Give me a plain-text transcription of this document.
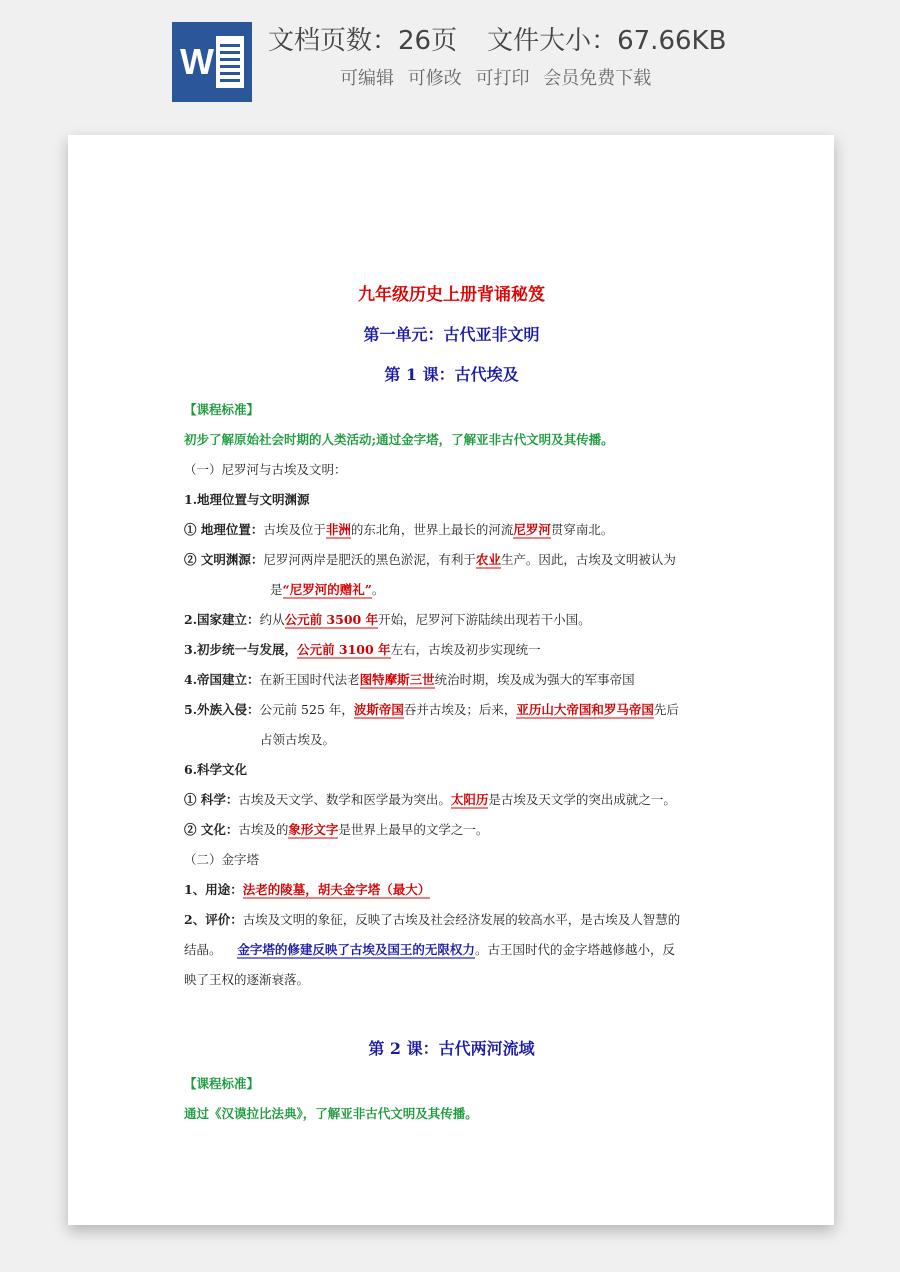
W 文档页数：26页 文件大小：67.66KB
可编辑 可修改 可打印 会员免费下载
九年级历史上册背诵秘笈
第一单元：古代亚非文明
第 1 课：古代埃及
【课程标准】
初步了解原始社会时期的人类活动;通过金字塔，了解亚非古代文明及其传播。
（一）尼罗河与古埃及文明：
1.地理位置与文明渊源
① 地理位置：古埃及位于非洲的东北角，世界上最长的河流尼罗河贯穿南北。
② 文明渊源：尼罗河两岸是肥沃的黑色淤泥，有利于农业生产。因此，古埃及文明被认为
是“尼罗河的赠礼”。
2.国家建立：约从公元前 3500 年开始，尼罗河下游陆续出现若干小国。
3.初步统一与发展，公元前 3100 年左右，古埃及初步实现统一
4.帝国建立：在新王国时代法老图特摩斯三世统治时期，埃及成为强大的军事帝国
5.外族入侵：公元前 525 年，波斯帝国吞并古埃及；后来，亚历山大帝国和罗马帝国先后
占领古埃及。
6.科学文化
① 科学：古埃及天文学、数学和医学最为突出。太阳历是古埃及天文学的突出成就之一。
② 文化：古埃及的象形文字是世界上最早的文学之一。
（二）金字塔
1、用途：法老的陵墓，胡夫金字塔（最大）
2、评价：古埃及文明的象征，反映了古埃及社会经济发展的较高水平，是古埃及人智慧的
结晶。 金字塔的修建反映了古埃及国王的无限权力。古王国时代的金字塔越修越小，反
映了王权的逐渐衰落。
第 2 课：古代两河流域
【课程标准】
通过《汉谟拉比法典》，了解亚非古代文明及其传播。
